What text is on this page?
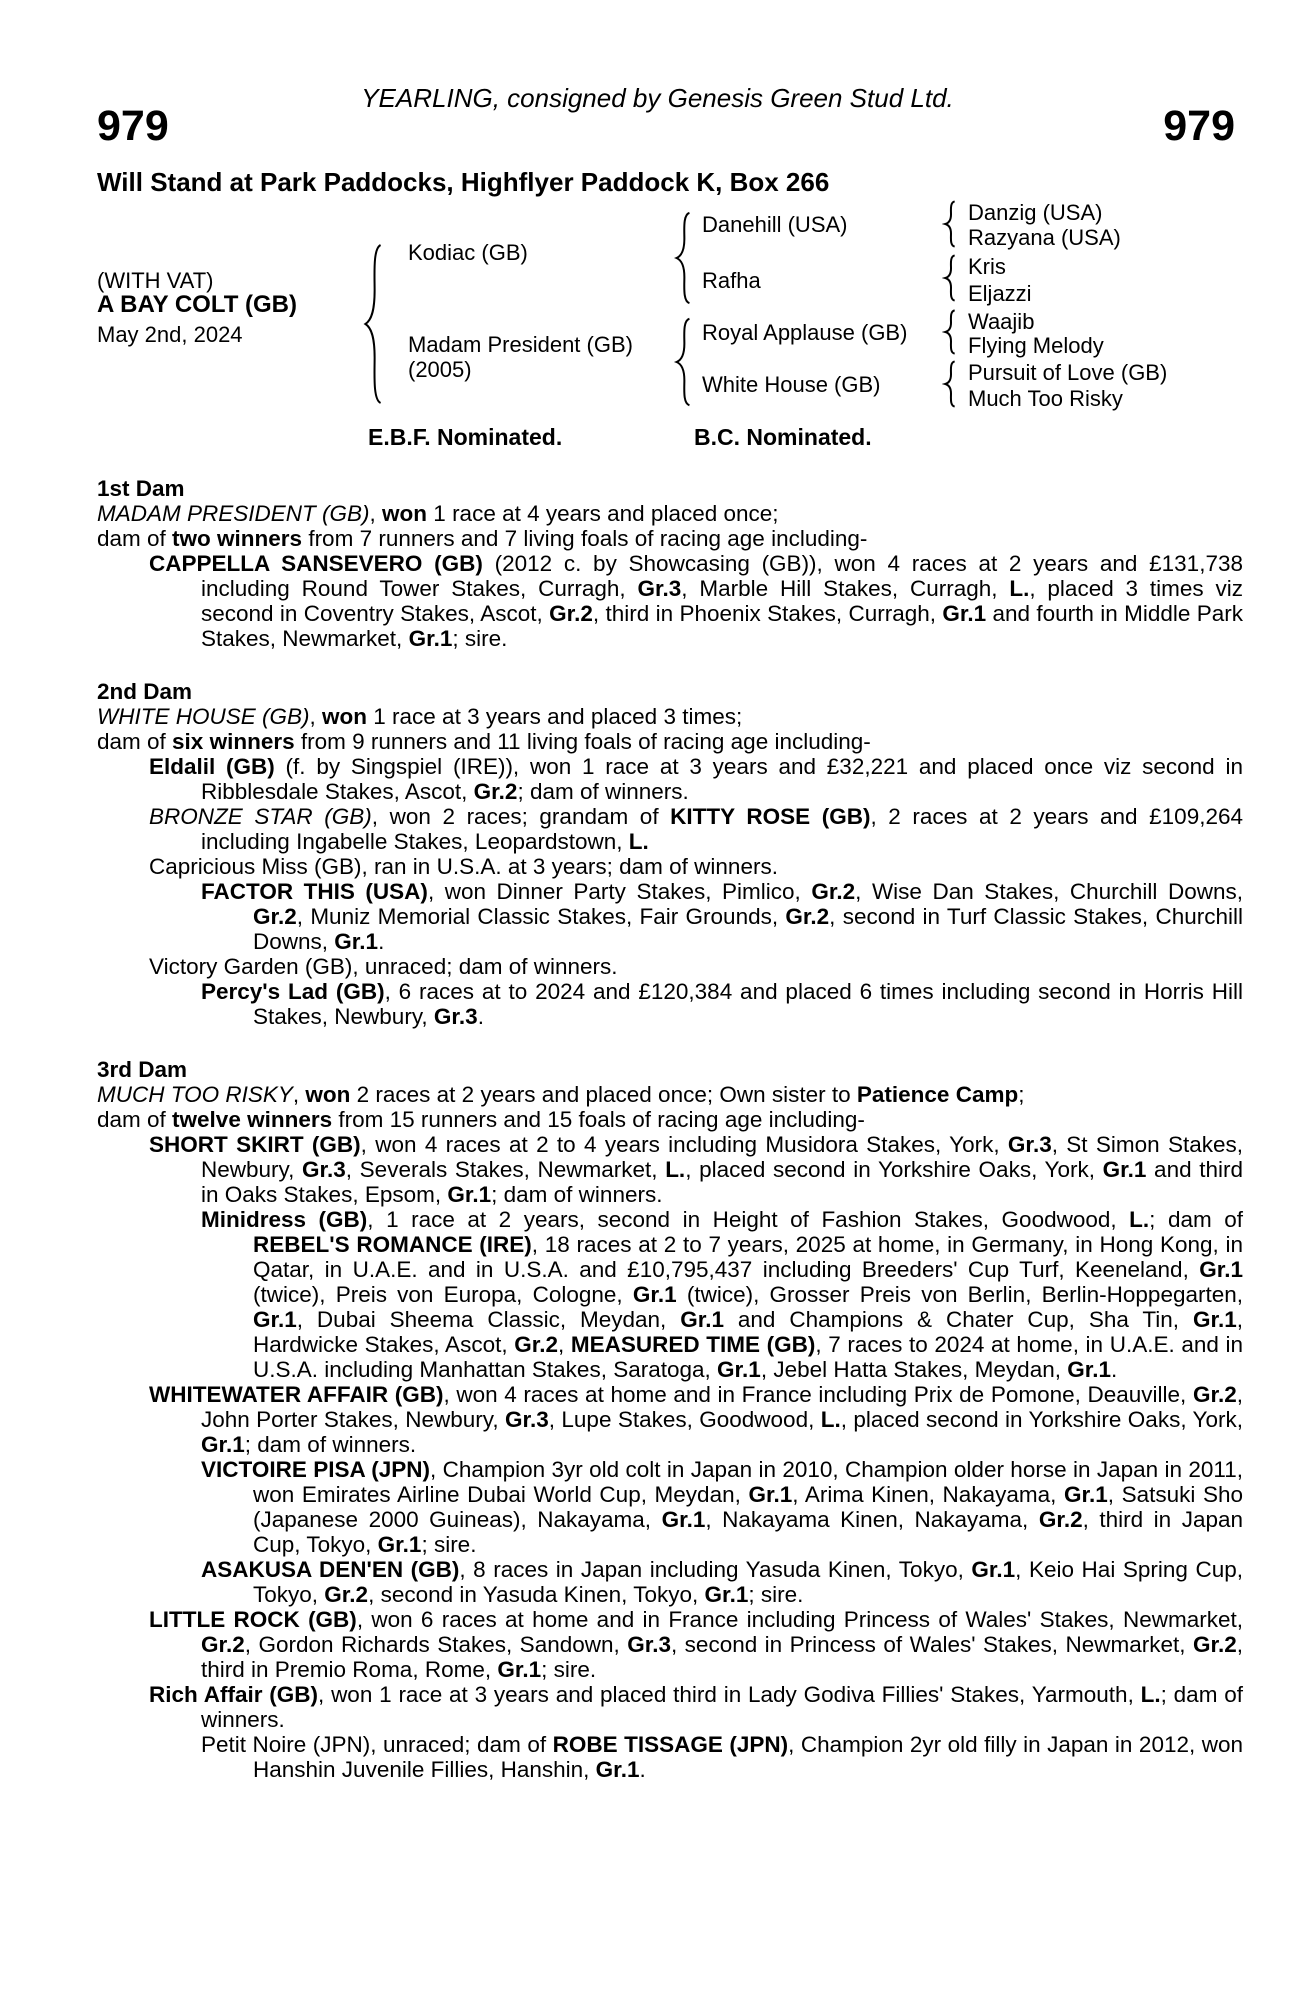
YEARLING, consigned by Genesis Green Stud Ltd.
979	979
Will Stand at Park Paddocks, Highflyer Paddock K, Box 266
(WITH VAT)
A BAY COLT (GB)
May 2nd, 2024
Kodiac (GB)
Madam President (GB)
(2005)
Danehill (USA)
Rafha
Royal Applause (GB)
White House (GB)
Danzig (USA)
Razyana (USA)
Kris
Eljazzi
Waajib
Flying Melody
Pursuit of Love (GB)
Much Too Risky
E.B.F. Nominated.	B.C. Nominated.
1st Dam

MADAM PRESIDENT (GB), won 1 race at 4 years and placed once;

dam of two winners from 7 runners and 7 living foals of racing age including-

CAPPELLA SANSEVERO (GB) (2012 c. by Showcasing (GB)), won 4 races at 2 years and £131,738 including Round Tower Stakes, Curragh, Gr.3, Marble Hill Stakes, Curragh, L., placed 3 times viz second in Coventry Stakes, Ascot, Gr.2, third in Phoenix Stakes, Curragh, Gr.1 and fourth in Middle Park Stakes, Newmarket, Gr.1; sire.

2nd Dam

WHITE HOUSE (GB), won 1 race at 3 years and placed 3 times;

dam of six winners from 9 runners and 11 living foals of racing age including-

Eldalil (GB) (f. by Singspiel (IRE)), won 1 race at 3 years and £32,221 and placed once viz second in Ribblesdale Stakes, Ascot, Gr.2; dam of winners.

BRONZE STAR (GB), won 2 races; grandam of KITTY ROSE (GB), 2 races at 2 years and £109,264 including Ingabelle Stakes, Leopardstown, L.

Capricious Miss (GB), ran in U.S.A. at 3 years; dam of winners.

FACTOR THIS (USA), won Dinner Party Stakes, Pimlico, Gr.2, Wise Dan Stakes, Churchill Downs, Gr.2, Muniz Memorial Classic Stakes, Fair Grounds, Gr.2, second in Turf Classic Stakes, Churchill Downs, Gr.1.

Victory Garden (GB), unraced; dam of winners.

Percy's Lad (GB), 6 races at to 2024 and £120,384 and placed 6 times including second in Horris Hill Stakes, Newbury, Gr.3.

3rd Dam

MUCH TOO RISKY, won 2 races at 2 years and placed once; Own sister to Patience Camp;

dam of twelve winners from 15 runners and 15 foals of racing age including-

SHORT SKIRT (GB), won 4 races at 2 to 4 years including Musidora Stakes, York, Gr.3, St Simon Stakes, Newbury, Gr.3, Severals Stakes, Newmarket, L., placed second in Yorkshire Oaks, York, Gr.1 and third in Oaks Stakes, Epsom, Gr.1; dam of winners.

Minidress (GB), 1 race at 2 years, second in Height of Fashion Stakes, Goodwood, L.; dam of REBEL'S ROMANCE (IRE), 18 races at 2 to 7 years, 2025 at home, in Germany, in Hong Kong, in Qatar, in U.A.E. and in U.S.A. and £10,795,437 including Breeders' Cup Turf, Keeneland, Gr.1 (twice), Preis von Europa, Cologne, Gr.1 (twice), Grosser Preis von Berlin, Berlin-Hoppegarten, Gr.1, Dubai Sheema Classic, Meydan, Gr.1 and Champions & Chater Cup, Sha Tin, Gr.1, Hardwicke Stakes, Ascot, Gr.2, MEASURED TIME (GB), 7 races to 2024 at home, in U.A.E. and in U.S.A. including Manhattan Stakes, Saratoga, Gr.1, Jebel Hatta Stakes, Meydan, Gr.1.

WHITEWATER AFFAIR (GB), won 4 races at home and in France including Prix de Pomone, Deauville, Gr.2, John Porter Stakes, Newbury, Gr.3, Lupe Stakes, Goodwood, L., placed second in Yorkshire Oaks, York, Gr.1; dam of winners.

VICTOIRE PISA (JPN), Champion 3yr old colt in Japan in 2010, Champion older horse in Japan in 2011, won Emirates Airline Dubai World Cup, Meydan, Gr.1, Arima Kinen, Nakayama, Gr.1, Satsuki Sho (Japanese 2000 Guineas), Nakayama, Gr.1, Nakayama Kinen, Nakayama, Gr.2, third in Japan Cup, Tokyo, Gr.1; sire.

ASAKUSA DEN'EN (GB), 8 races in Japan including Yasuda Kinen, Tokyo, Gr.1, Keio Hai Spring Cup, Tokyo, Gr.2, second in Yasuda Kinen, Tokyo, Gr.1; sire.

LITTLE ROCK (GB), won 6 races at home and in France including Princess of Wales' Stakes, Newmarket, Gr.2, Gordon Richards Stakes, Sandown, Gr.3, second in Princess of Wales' Stakes, Newmarket, Gr.2, third in Premio Roma, Rome, Gr.1; sire.

Rich Affair (GB), won 1 race at 3 years and placed third in Lady Godiva Fillies' Stakes, Yarmouth, L.; dam of winners.

Petit Noire (JPN), unraced; dam of ROBE TISSAGE (JPN), Champion 2yr old filly in Japan in 2012, won Hanshin Juvenile Fillies, Hanshin, Gr.1.
